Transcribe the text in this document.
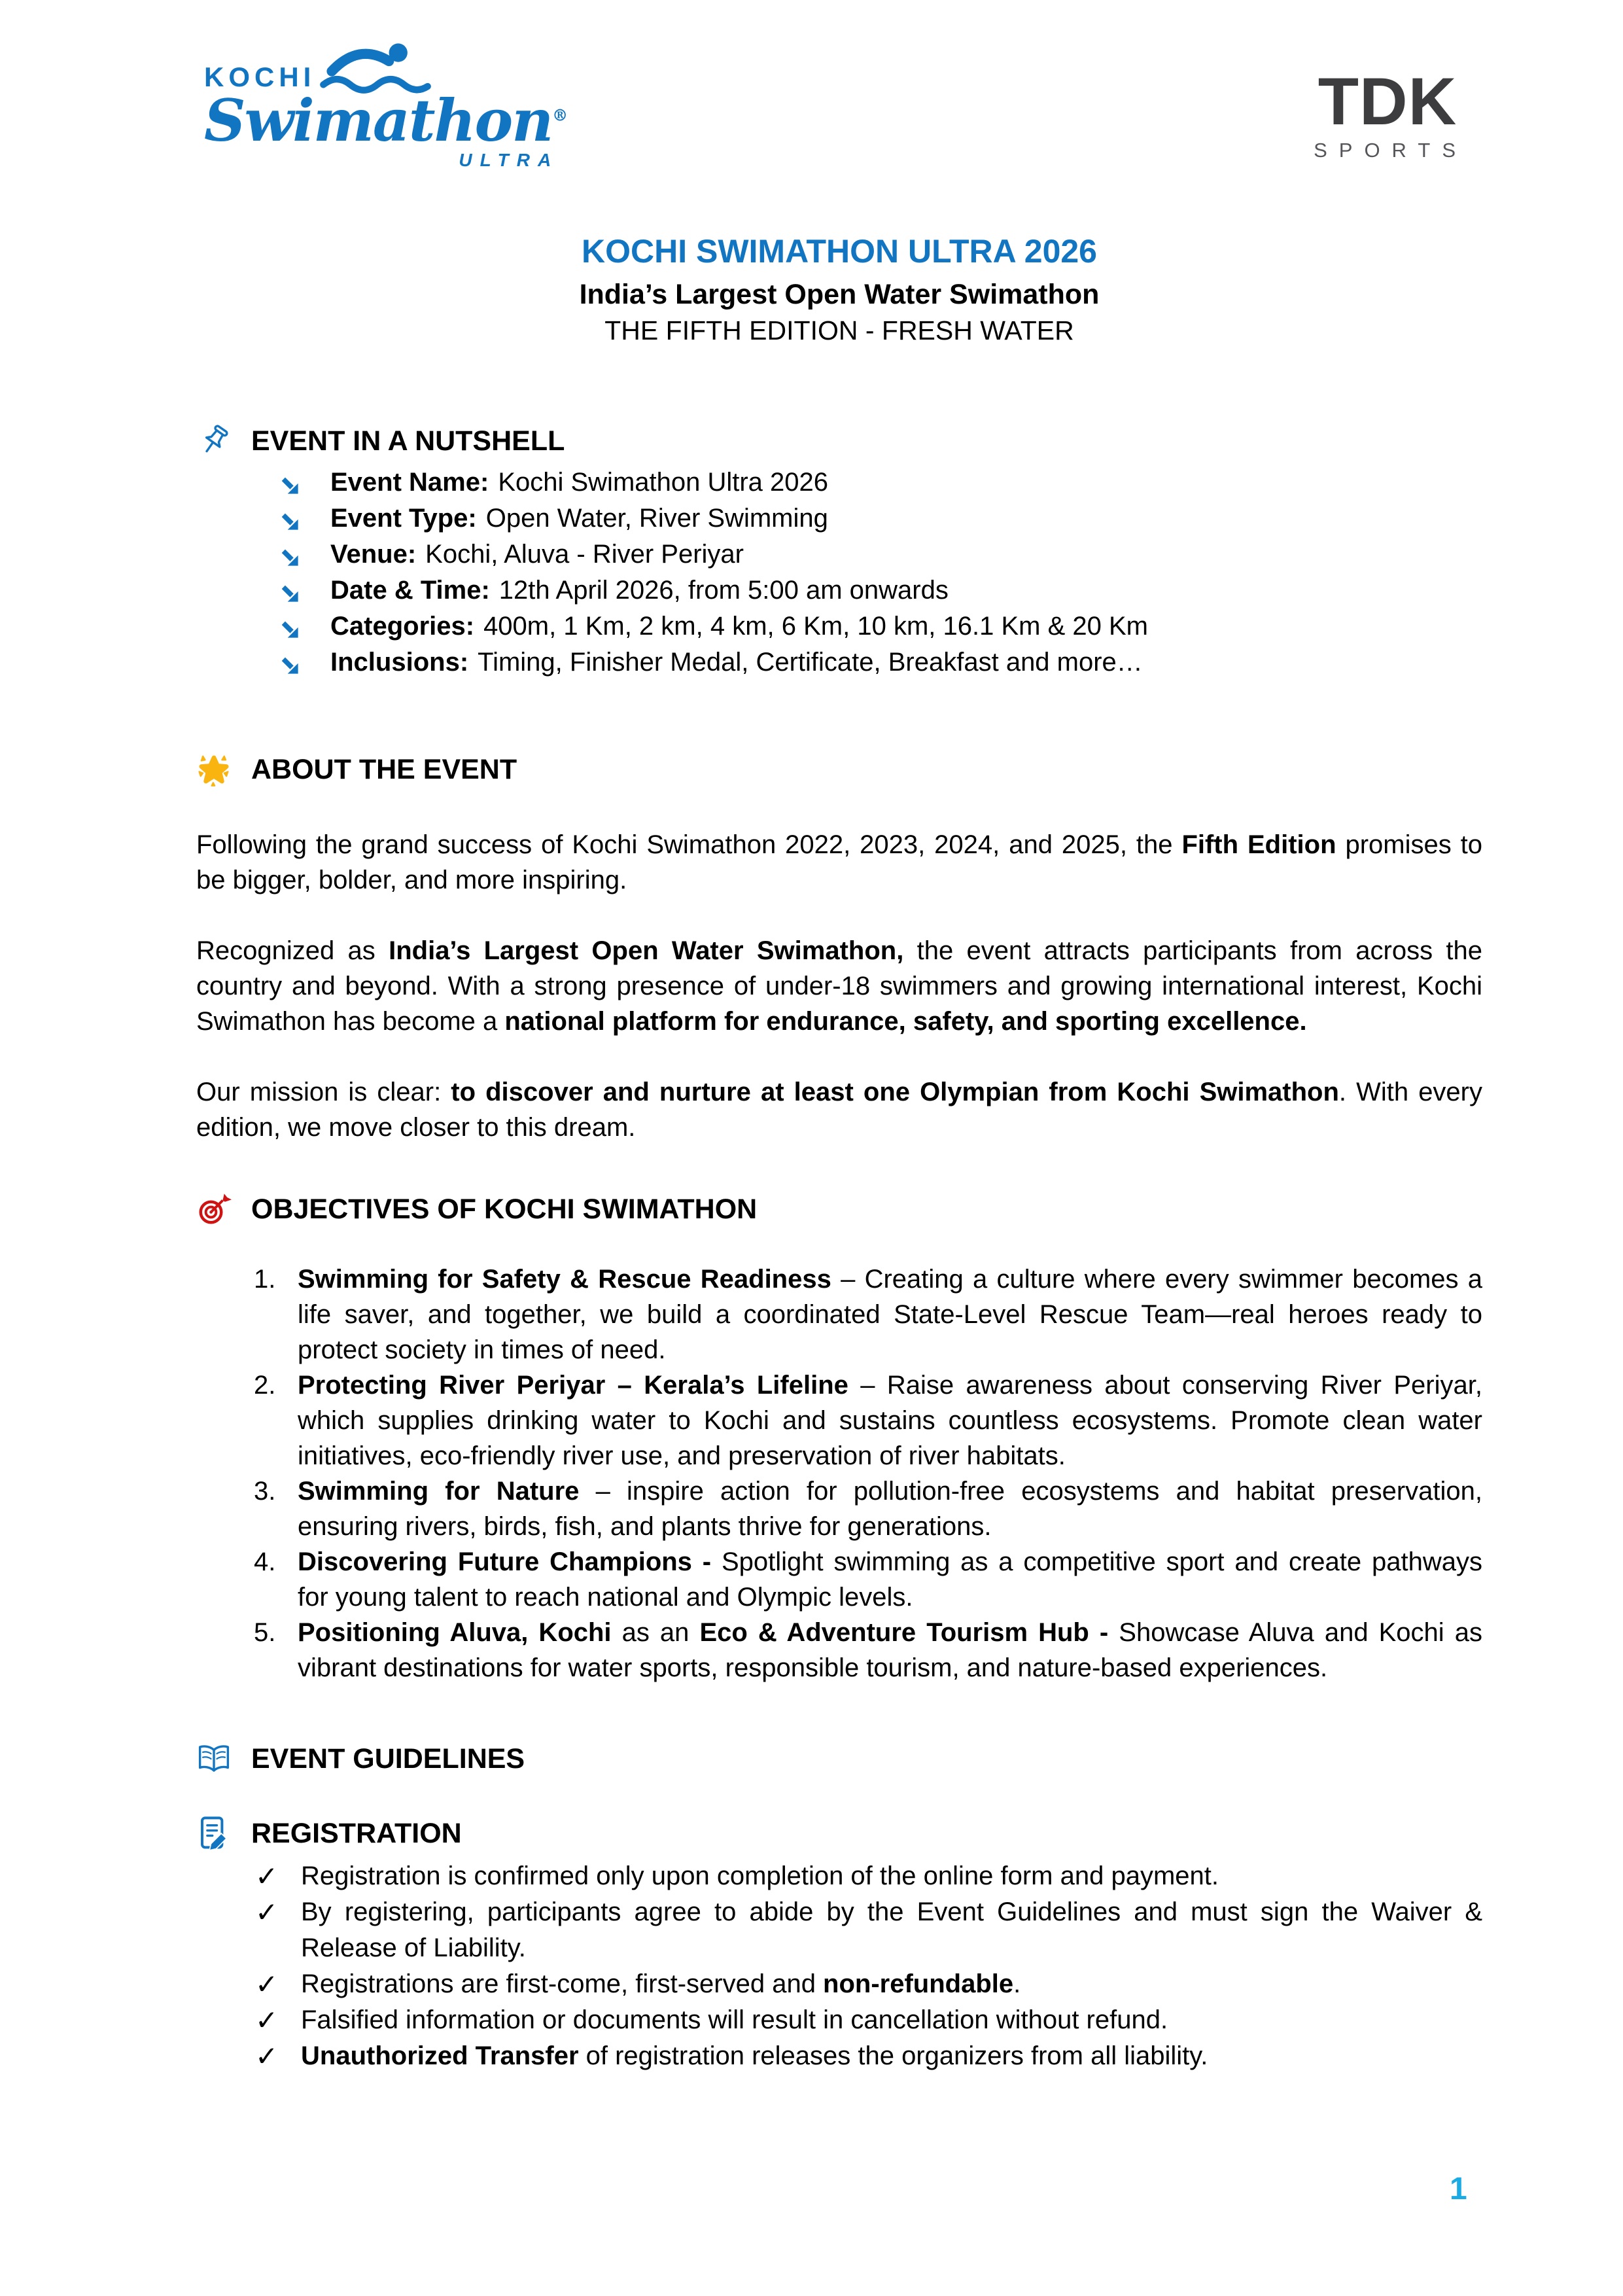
KOCHI
Swimathon®
ULTRA
TDK
SPORTS
KOCHI SWIMATHON ULTRA 2026
India’s Largest Open Water Swimathon
THE FIFTH EDITION - FRESH WATER
EVENT IN A NUTSHELL
Event Name: Kochi Swimathon Ultra 2026
Event Type: Open Water, River Swimming
Venue: Kochi, Aluva - River Periyar
Date & Time: 12th April 2026, from 5:00 am onwards
Categories: 400m, 1 Km, 2 km, 4 km, 6 Km, 10 km, 16.1 Km & 20 Km
Inclusions: Timing, Finisher Medal, Certificate, Breakfast and more…
ABOUT THE EVENT

Following the grand success of Kochi Swimathon 2022, 2023, 2024, and 2025, the Fifth Edition promises to be bigger, bolder, and more inspiring.

Recognized as India’s Largest Open Water Swimathon, the event attracts participants from across the country and beyond. With a strong presence of under-18 swimmers and growing international interest, Kochi Swimathon has become a national platform for endurance, safety, and sporting excellence.

Our mission is clear: to discover and nurture at least one Olympian from Kochi Swimathon. With every edition, we move closer to this dream.

OBJECTIVES OF KOCHI SWIMATHON
1. Swimming for Safety & Rescue Readiness – Creating a culture where every swimmer becomes a life saver, and together, we build a coordinated State-Level Rescue Team—real heroes ready to protect society in times of need.
2. Protecting River Periyar – Kerala’s Lifeline – Raise awareness about conserving River Periyar, which supplies drinking water to Kochi and sustains countless ecosystems. Promote clean water initiatives, eco-friendly river use, and preservation of river habitats.
3. Swimming for Nature – inspire action for pollution-free ecosystems and habitat preservation, ensuring rivers, birds, fish, and plants thrive for generations.
4. Discovering Future Champions - Spotlight swimming as a competitive sport and create pathways for young talent to reach national and Olympic levels.
5. Positioning Aluva, Kochi as an Eco & Adventure Tourism Hub - Showcase Aluva and Kochi as vibrant destinations for water sports, responsible tourism, and nature-based experiences.
EVENT GUIDELINES
REGISTRATION
✓
Registration is confirmed only upon completion of the online form and payment.
✓
By registering, participants agree to abide by the Event Guidelines and must sign the Waiver & Release of Liability.
✓
Registrations are first-come, first-served and non-refundable.
✓
Falsified information or documents will result in cancellation without refund.
✓
Unauthorized Transfer of registration releases the organizers from all liability.
1
